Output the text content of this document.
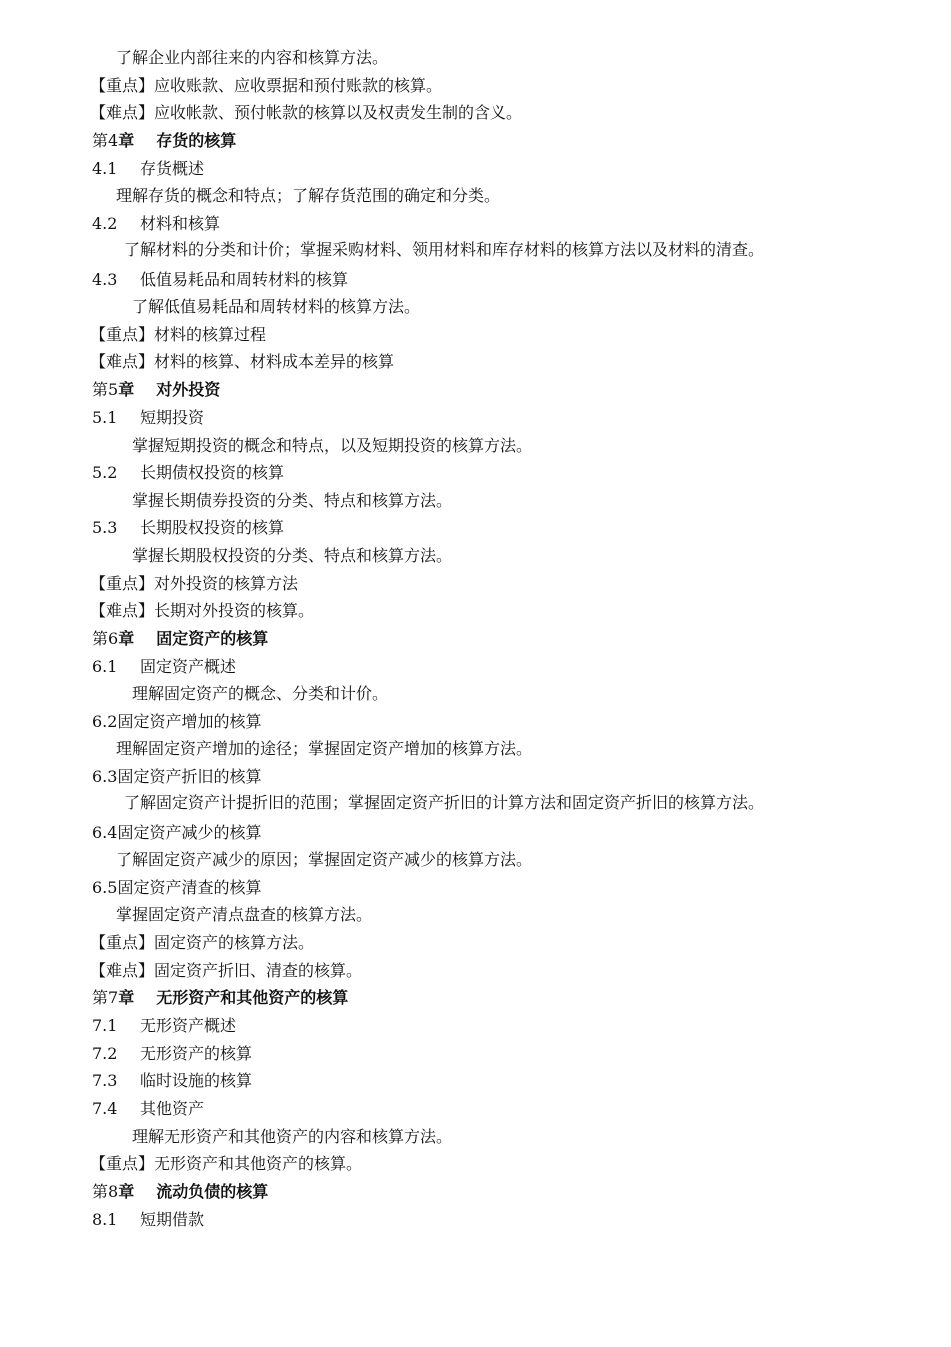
了解企业内部往来的内容和核算方法。
【重点】应收账款、应收票据和预付账款的核算。
【难点】应收帐款、预付帐款的核算以及权责发生制的含义。
第4章 存货的核算
4.1 存货概述
理解存货的概念和特点；了解存货范围的确定和分类。
4.2 材料和核算
了解材料的分类和计价；掌握采购材料、领用材料和库存材料的核算方法以及材料的清查。
4.3 低值易耗品和周转材料的核算
了解低值易耗品和周转材料的核算方法。
【重点】材料的核算过程
【难点】材料的核算、材料成本差异的核算
第5章 对外投资
5.1 短期投资
掌握短期投资的概念和特点，以及短期投资的核算方法。
5.2 长期债权投资的核算
掌握长期债券投资的分类、特点和核算方法。
5.3 长期股权投资的核算
掌握长期股权投资的分类、特点和核算方法。
【重点】对外投资的核算方法
【难点】长期对外投资的核算。
第6章 固定资产的核算
6.1 固定资产概述
理解固定资产的概念、分类和计价。
6.2固定资产增加的核算
理解固定资产增加的途径；掌握固定资产增加的核算方法。
6.3固定资产折旧的核算
了解固定资产计提折旧的范围；掌握固定资产折旧的计算方法和固定资产折旧的核算方法。
6.4固定资产减少的核算
了解固定资产减少的原因；掌握固定资产减少的核算方法。
6.5固定资产清查的核算
掌握固定资产清点盘查的核算方法。
【重点】固定资产的核算方法。
【难点】固定资产折旧、清查的核算。
第7章 无形资产和其他资产的核算
7.1 无形资产概述
7.2 无形资产的核算
7.3 临时设施的核算
7.4 其他资产
理解无形资产和其他资产的内容和核算方法。
【重点】无形资产和其他资产的核算。
第8章 流动负债的核算
8.1 短期借款
